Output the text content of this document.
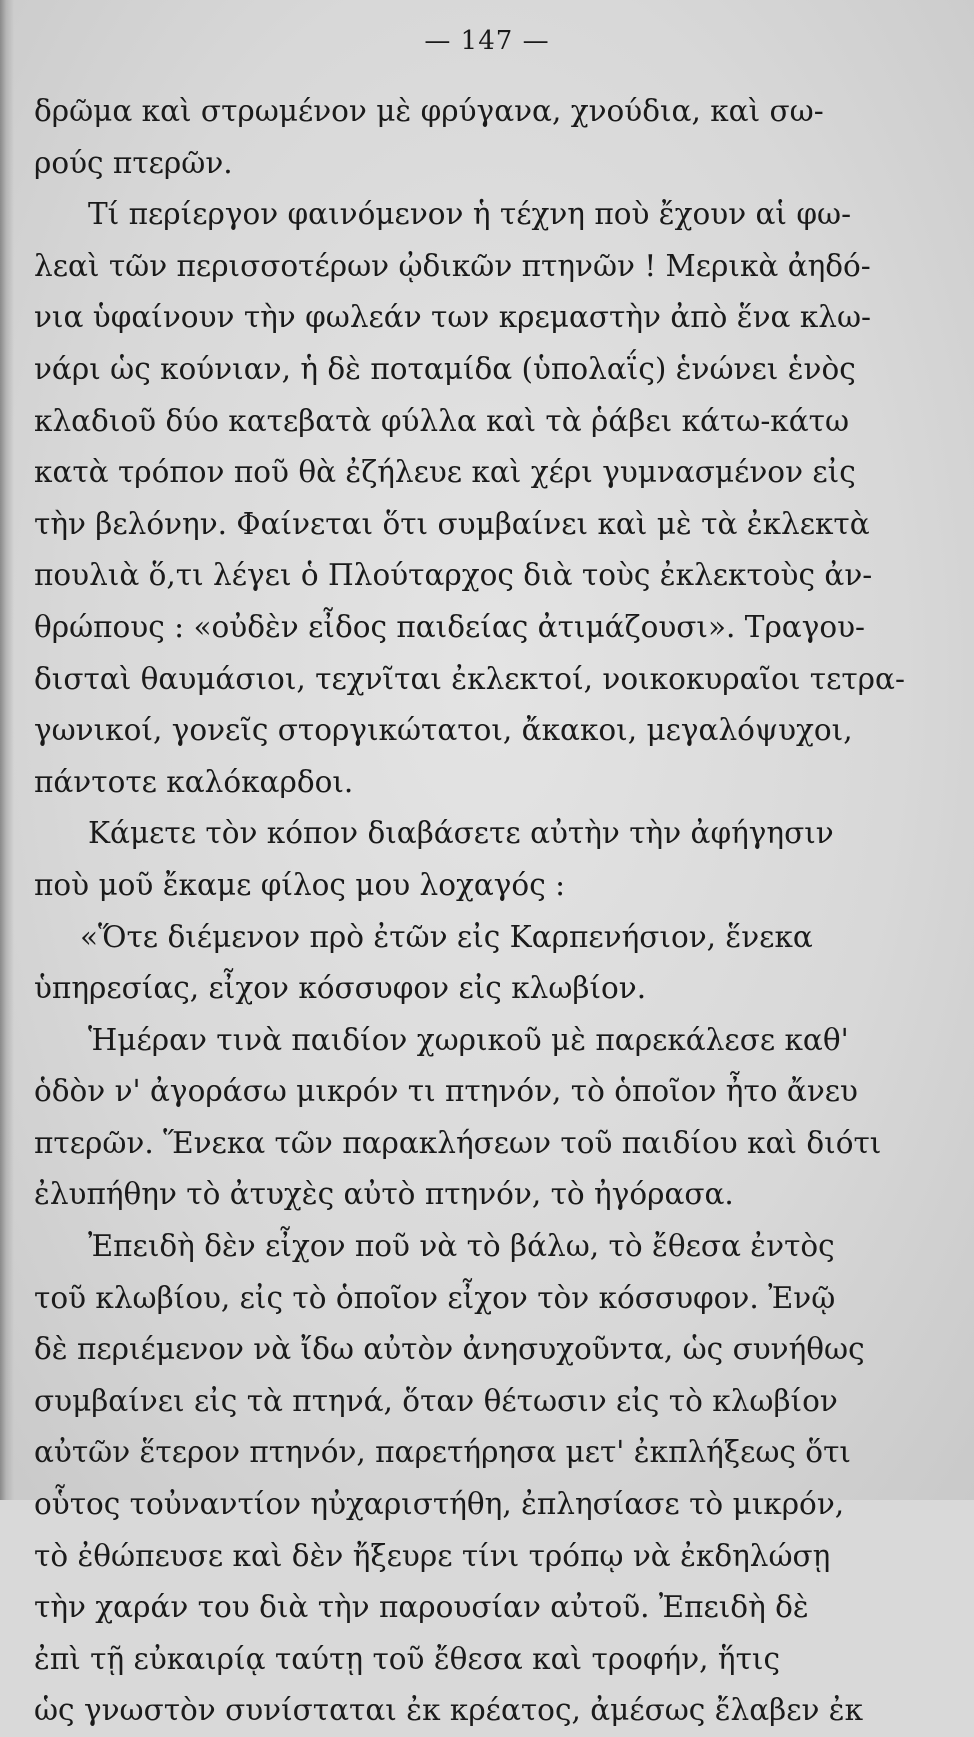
— 147 —
δρῶμα καὶ στρωμένον μὲ φρύγανα, χνούδια, καὶ σω-
ρούς πτερῶν.
Τί περίεργον φαινόμενον ἡ τέχνη ποὺ ἔχουν αἱ φω-
λεαὶ τῶν περισσοτέρων ᾠδικῶν πτηνῶν ! Μερικὰ ἀηδό-
νια ὑφαίνουν τὴν φωλεάν των κρεμαστὴν ἀπὸ ἕνα κλω-
νάρι ὡς κούνιαν, ἡ δὲ ποταμίδα (ὑπολαΐς) ἑνώνει ἑνὸς
κλαδιοῦ δύο κατεβατὰ φύλλα καὶ τὰ ῥάβει κάτω-κάτω
κατὰ τρόπον ποῦ θὰ ἐζήλευε καὶ χέρι γυμνασμένον εἰς
τὴν βελόνην. Φαίνεται ὅτι συμβαίνει καὶ μὲ τὰ ἐκλεκτὰ
πουλιὰ ὅ,τι λέγει ὁ Πλούταρχος διὰ τοὺς ἐκλεκτοὺς ἀν-
θρώπους : «οὐδὲν εἶδος παιδείας ἀτιμάζουσι». Τραγου-
δισταὶ θαυμάσιοι, τεχνῖται ἐκλεκτοί, νοικοκυραῖοι τετρα-
γωνικοί, γονεῖς στοργικώτατοι, ἄκακοι, μεγαλόψυχοι,
πάντοτε καλόκαρδοι.
Κάμετε τὸν κόπον διαβάσετε αὐτὴν τὴν ἀφήγησιν
ποὺ μοῦ ἔκαμε φίλος μου λοχαγός :
«Ὅτε διέμενον πρὸ ἐτῶν εἰς Καρπενήσιον, ἕνεκα
ὑπηρεσίας, εἶχον κόσσυφον εἰς κλωβίον.
Ἡμέραν τινὰ παιδίον χωρικοῦ μὲ παρεκάλεσε καθ'
ὁδὸν ν' ἀγοράσω μικρόν τι πτηνόν, τὸ ὁποῖον ἦτο ἄνευ
πτερῶν. Ἕνεκα τῶν παρακλήσεων τοῦ παιδίου καὶ διότι
ἐλυπήθην τὸ ἀτυχὲς αὐτὸ πτηνόν, τὸ ἠγόρασα.
Ἐπειδὴ δὲν εἶχον ποῦ νὰ τὸ βάλω, τὸ ἔθεσα ἐντὸς
τοῦ κλωβίου, εἰς τὸ ὁποῖον εἶχον τὸν κόσσυφον. Ἐνῷ
δὲ περιέμενον νὰ ἴδω αὐτὸν ἀνησυχοῦντα, ὡς συνήθως
συμβαίνει εἰς τὰ πτηνά, ὅταν θέτωσιν εἰς τὸ κλωβίον
αὐτῶν ἕτερον πτηνόν, παρετήρησα μετ' ἐκπλήξεως ὅτι
οὗτος τοὐναντίον ηὐχαριστήθη, ἐπλησίασε τὸ μικρόν,
τὸ ἐθώπευσε καὶ δὲν ἤξευρε τίνι τρόπῳ νὰ ἐκδηλώσῃ
τὴν χαράν του διὰ τὴν παρουσίαν αὐτοῦ. Ἐπειδὴ δὲ
ἐπὶ τῇ εὐκαιρίᾳ ταύτῃ τοῦ ἔθεσα καὶ τροφήν, ἥτις
ὡς γνωστὸν συνίσταται ἐκ κρέατος, ἀμέσως ἔλαβεν ἐκ
